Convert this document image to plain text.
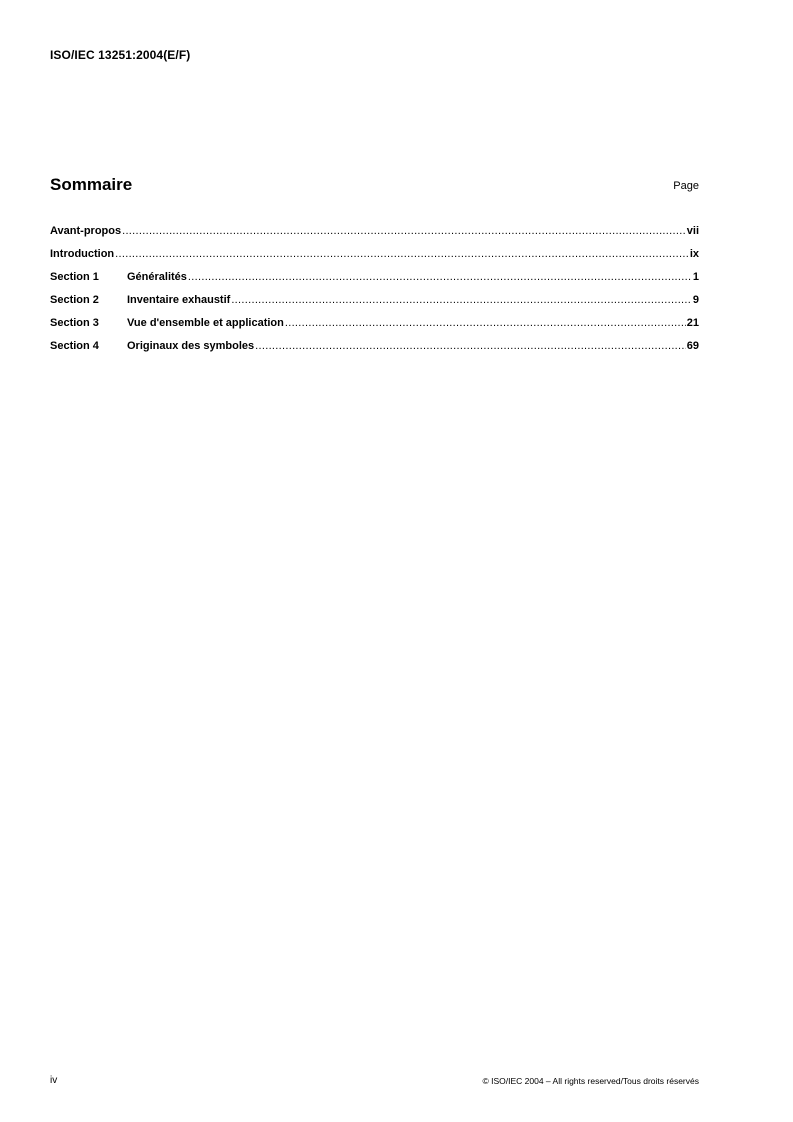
ISO/IEC 13251:2004(E/F)
Sommaire	Page
Avant-propos .....	vii
Introduction .....	ix
Section 1	Généralités .....	1
Section 2	Inventaire exhaustif .....	9
Section 3	Vue d'ensemble et application .....	21
Section 4	Originaux des symboles .....	69
iv	© ISO/IEC 2004 – All rights reserved/Tous droits réservés
